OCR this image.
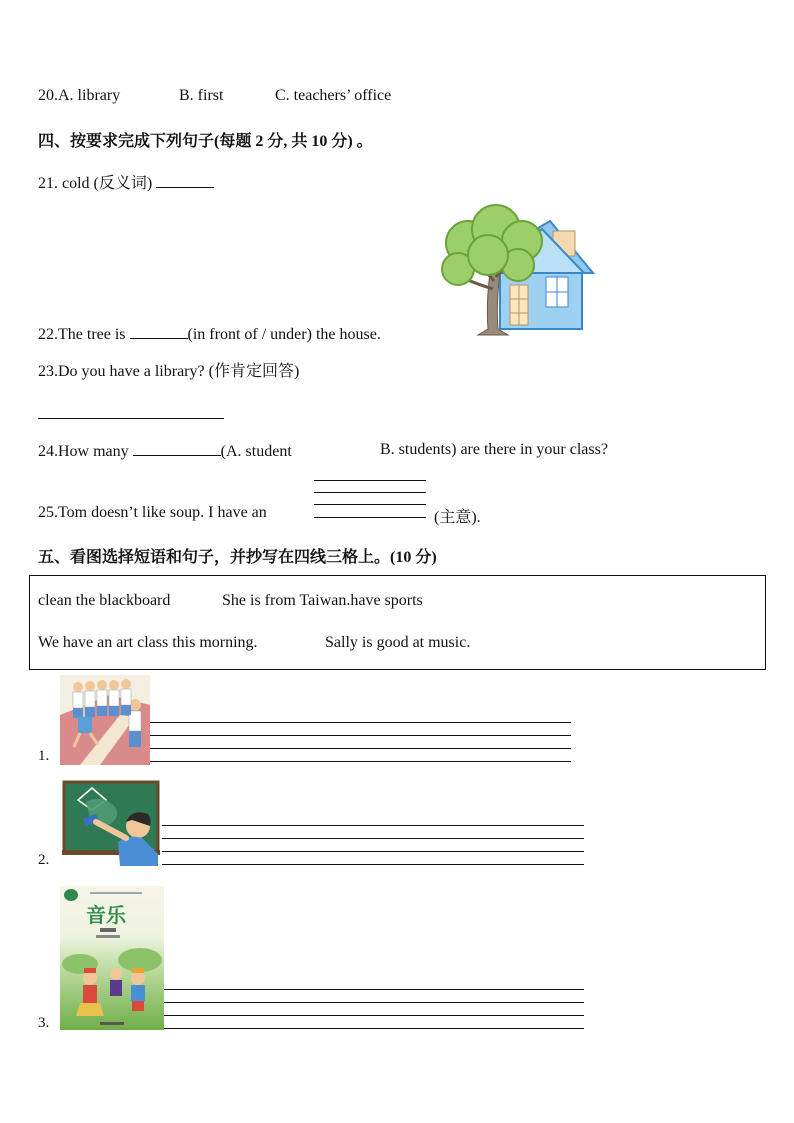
20.A. library	B. first	C. teachers’ office
四、按要求完成下列句子(每题 2 分, 共 10 分) 。
21. cold (反义词)
22.The tree is	(in front of / under) the house.
23.Do you have a library? (作肯定回答)
24.How many	(A. student	B. students) are there in your class?
25.Tom doesn’t like soup. I have an	(主意).
五、看图选择短语和句子，并抄写在四线三格上。(10 分)
clean the blackboard	She is from Taiwan.have sports
We have an art class this morning.	Sally is good at music.
1.
2.
3.
音乐
